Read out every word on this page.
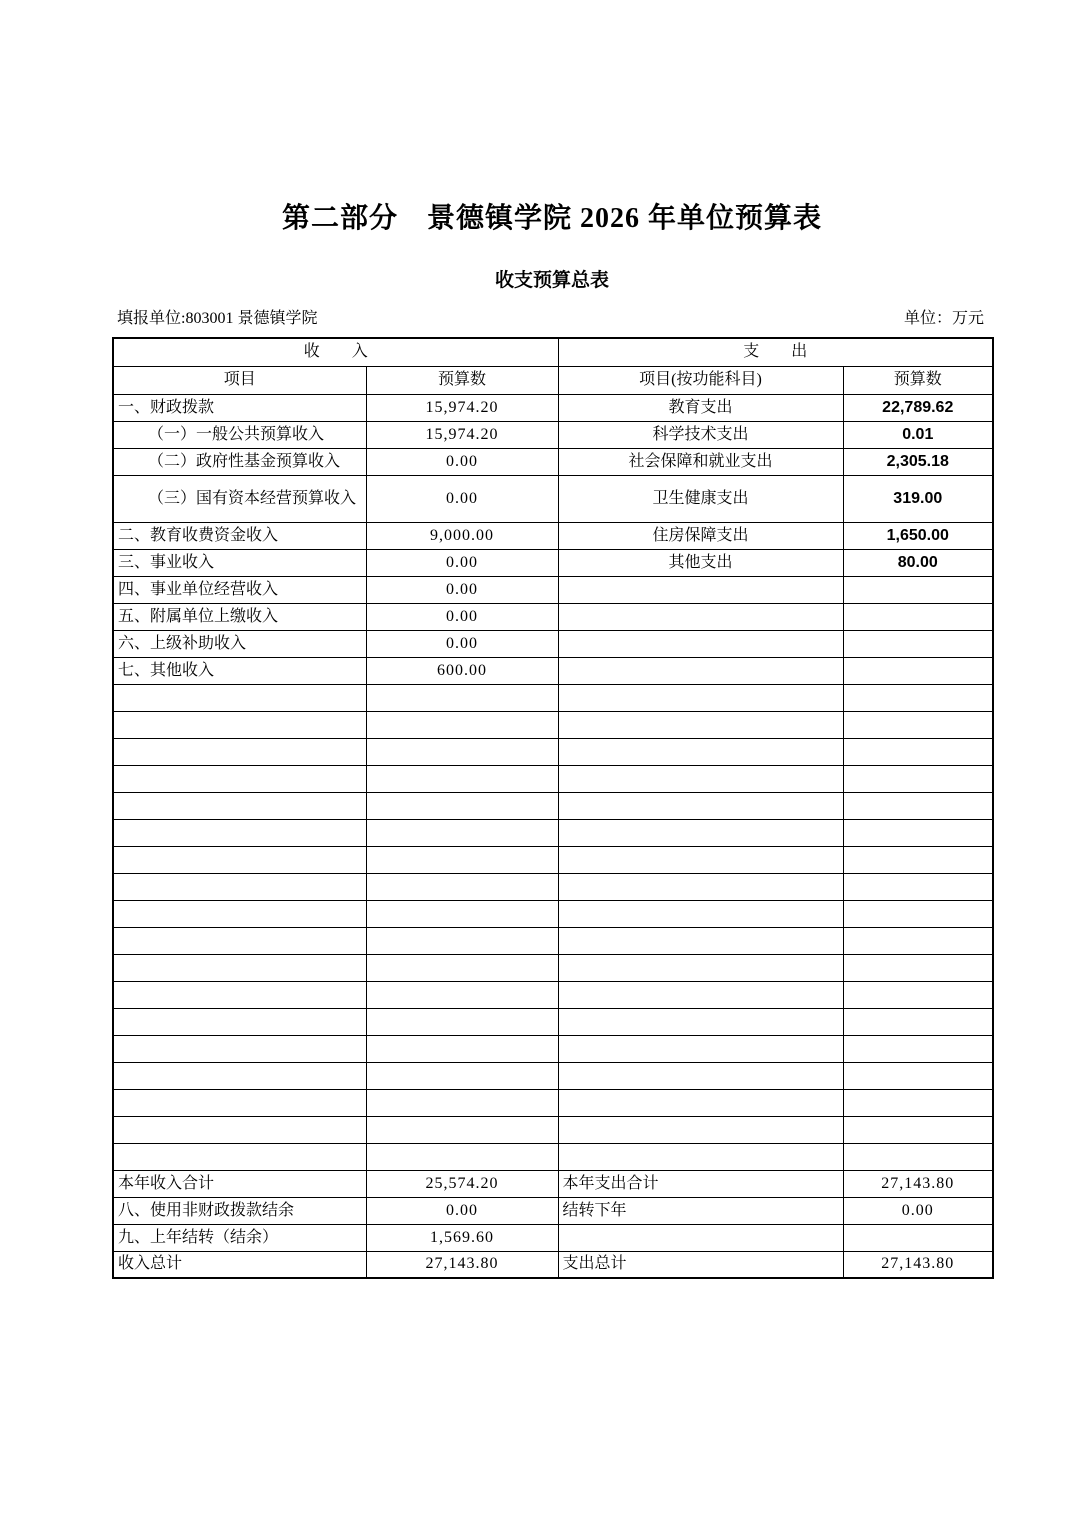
第二部分　景德镇学院 2026 年单位预算表
收支预算总表
填报单位:803001 景德镇学院	单位：万元
收　　入		支　　出	
项目	预算数	项目(按功能科目)	预算数
一、财政拨款	15,974.20	教育支出	22,789.62
（一）一般公共预算收入	15,974.20	科学技术支出	0.01
（二）政府性基金预算收入	0.00	社会保障和就业支出	2,305.18
（三）国有资本经营预算收入	0.00	卫生健康支出	319.00
二、教育收费资金收入	9,000.00	住房保障支出	1,650.00
三、事业收入	0.00	其他支出	80.00
四、事业单位经营收入	0.00		
五、附属单位上缴收入	0.00		
六、上级补助收入	0.00		
七、其他收入	600.00		

本年收入合计	25,574.20	本年支出合计	27,143.80
八、使用非财政拨款结余	0.00	结转下年	0.00
九、上年结转（结余）	1,569.60		
收入总计	27,143.80	支出总计	27,143.80
